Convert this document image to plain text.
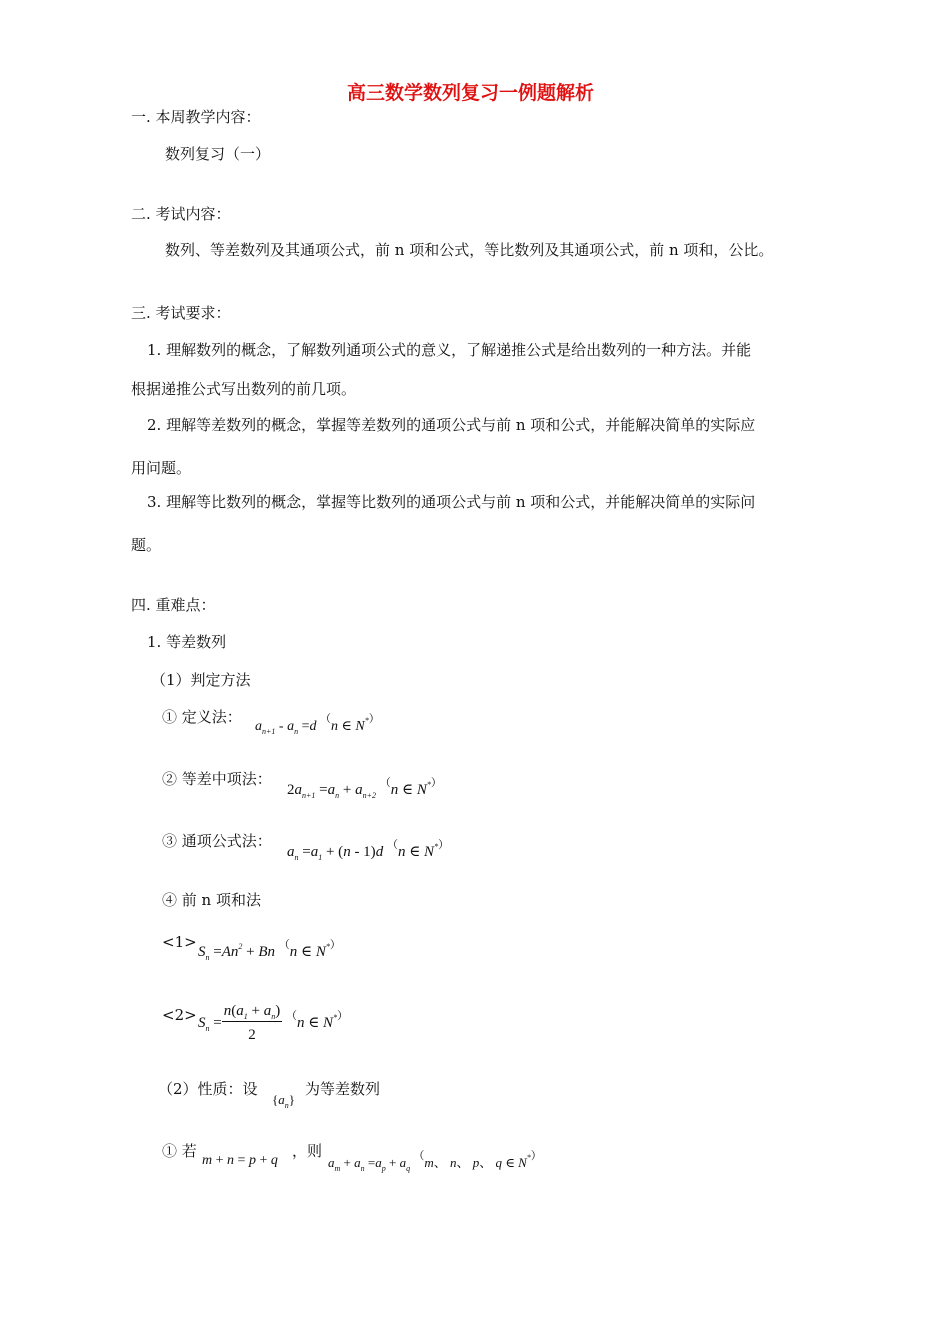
高三数学数列复习一例题解析
一. 本周教学内容：
数列复习（一）
二. 考试内容：
数列、等差数列及其通项公式，前 n 项和公式，等比数列及其通项公式，前 n 项和，公比。
三. 考试要求：
1. 理解数列的概念，了解数列通项公式的意义，了解递推公式是给出数列的一种方法。并能
根据递推公式写出数列的前几项。
2. 理解等差数列的概念，掌握等差数列的通项公式与前 n 项和公式，并能解决简单的实际应
用问题。
3. 理解等比数列的概念，掌握等比数列的通项公式与前 n 项和公式，并能解决简单的实际问
题。
四. 重难点：
1. 等差数列
（1）判定方法
① 定义法：
$a_{n+1} - a_n =d$ （n ∈ N*）
② 等差中项法：
$2a_{n+1} =a_n + a_{n+2}$ （n ∈ N*）
③ 通项公式法：
$a_n =a_1 + (n - 1)d$ （n ∈ N*）
④ 前 n 项和法
<1>
$S_n =An^2 + Bn$ （n ∈ N*）
$<2> S_n = \frac{n(a_1 + a_n)}{2} ^(n$ ∈ N*）
（2）性质：设
$\{a_n\}$
为等差数列
① 若
m + n = p + q
，则
$a_m + a_n =a_p + a_q$ （m、 n、 p、 q ∈ N*）
